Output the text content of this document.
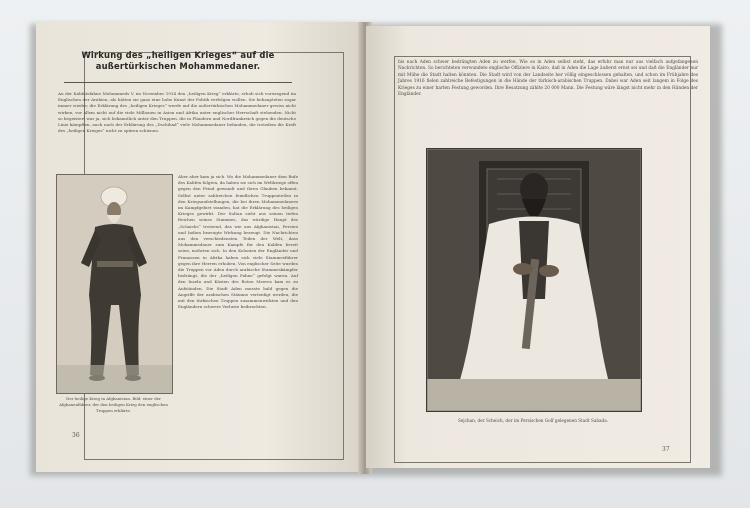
Wirkung des „heiligen Krieges“ auf die außertürkischen Mohammedaner.
An der Kalifatsfahne Mohammeds V. im November 1914 den „heiligen Krieg“ erklärte, erhob sich vorwiegend im Englischen der Arabien, als hätten sie ganz eine hohe Kunst der Politik verfolgen wollen. Sie behaupteten sogar immer wieder, die Erklärung des „heiligen Krieges“ werde auf die außertürkischen Mohammedaner gewiss nicht wirken, vor allem nicht auf die viele Millionen in Asien und Afrika unter englischer Herrschaft stehenden. Nicht so begeistert war ja, sich bekanntlich unter den Truppen, die in Flandern und Nordfrankreich gegen die deutsche Linie kämpften, auch nach der Erklärung des „Dschihad“ viele Mohammedaner befanden, die trotzdem die Kraft des „heiligen Krieges“ nicht zu spüren schienen.
Der heilige Krieg in Afghanistan. Bild: einer der Afghanenführer, der den heiligen Krieg den englischen Truppen erklärte.
Aber aber kam ja sich. Wo die Mohammedaner dem Rufe des Kalifen folgten, da haben sie sich im Weltkriege offen gegen den Feind gewandt und ihren Glauben bekannt. Selbst unter zahlreichen feindlichen Truppenteilen in den Kriegsaufstellungen, die bei ihren Mohammedanern im Kampfgebiet standen, hat die Erklärung des heiligen Krieges gewirkt. Der Sultan sieht aus seinen tiefen Reichen seines Stammes, das würdige Haupt des „Schaichs“ trotzend, das wie aus Afghanistan, Persien und Indien bezeugte Wirkung bezeugt. Die Nachrichten aus den verschiedensten Teilen der Welt, dass Mohammedaner zum Kampfe für den Kalifen bereit seien, mehrten sich. In den Kolonien der Engländer und Franzosen in Afrika haben sich viele Stammesführer gegen ihre Herren erhoben. Von englischer Seite wurden die Truppen vor Aden durch arabische Stammeskämpfer bedrängt, die der „heiligen Fahne“ gefolgt waren. Auf den Inseln und Küsten des Roten Meeres kam es zu Aufständen. Die Stadt Aden musste bald gegen die Angriffe der arabischen Stämme verteidigt werden, die mit den türkischen Truppen zusammenwirkten und den Engländern schwere Verluste beibrachten.
36
bis nach Aden schwer bedrängten Aden zu werfen. Wie es in Aden selbst steht, das erfuhr man nur aus vielfach aufgefangenen Nachrichten. So berichteten verwundete englische Offiziere in Kairo, daß in Aden die Lage äußerst ernst sei und daß die Engländer nur mit Mühe die Stadt halten könnten. Die Stadt wird von der Landseite her völlig eingeschlossen gehalten, und schon im Frühjahre des Jahres 1916 fielen zahlreiche Befestigungen in die Hände der türkisch-arabischen Truppen. Dabei war Aden seit langem in Folge des Krieges zu einer harten Festung geworden. Ihre Besatzung zählte 20 000 Mann. Die Festung wäre längst nicht mehr in den Händen der Engländer.
Sejchan, der Scheich, der im Persischen Golf gelegenen Stadt Sabada.
37
